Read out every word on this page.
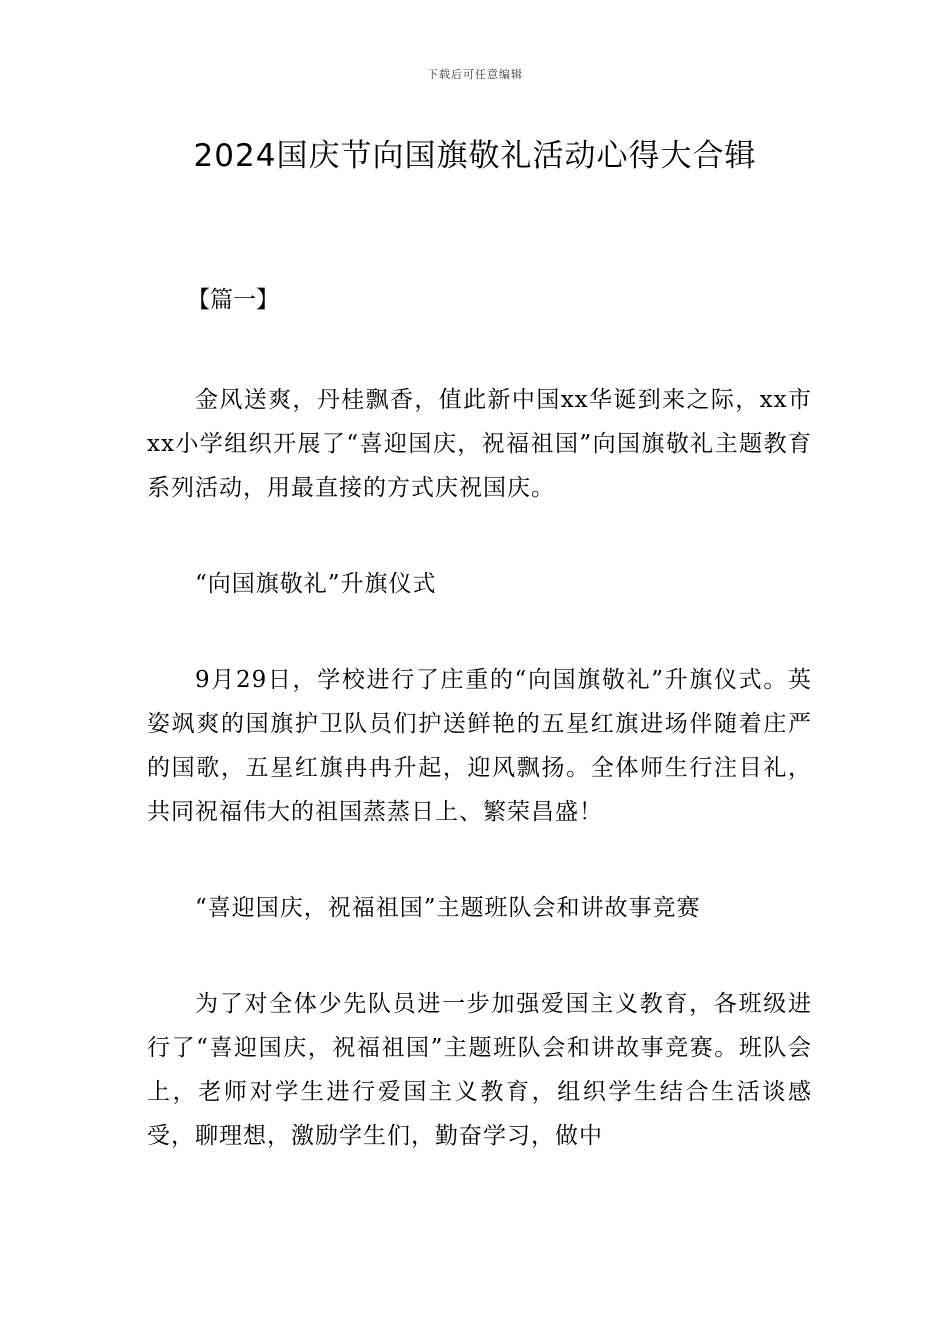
下载后可任意编辑
2024国庆节向国旗敬礼活动心得大合辑
【篇一】

金风送爽，丹桂飘香，值此新中国xx华诞到来之际，xx市xx小学组织开展了“喜迎国庆，祝福祖国”向国旗敬礼主题教育系列活动，用最直接的方式庆祝国庆。

“向国旗敬礼”升旗仪式

9月29日，学校进行了庄重的“向国旗敬礼”升旗仪式。英姿飒爽的国旗护卫队员们护送鲜艳的五星红旗进场伴随着庄严的国歌，五星红旗冉冉升起，迎风飘扬。全体师生行注目礼，共同祝福伟大的祖国蒸蒸日上、繁荣昌盛！

“喜迎国庆，祝福祖国”主题班队会和讲故事竞赛

为了对全体少先队员进一步加强爱国主义教育，各班级进行了“喜迎国庆，祝福祖国”主题班队会和讲故事竞赛。班队会上，老师对学生进行爱国主义教育，组织学生结合生活谈感受，聊理想，激励学生们，勤奋学习，做中
